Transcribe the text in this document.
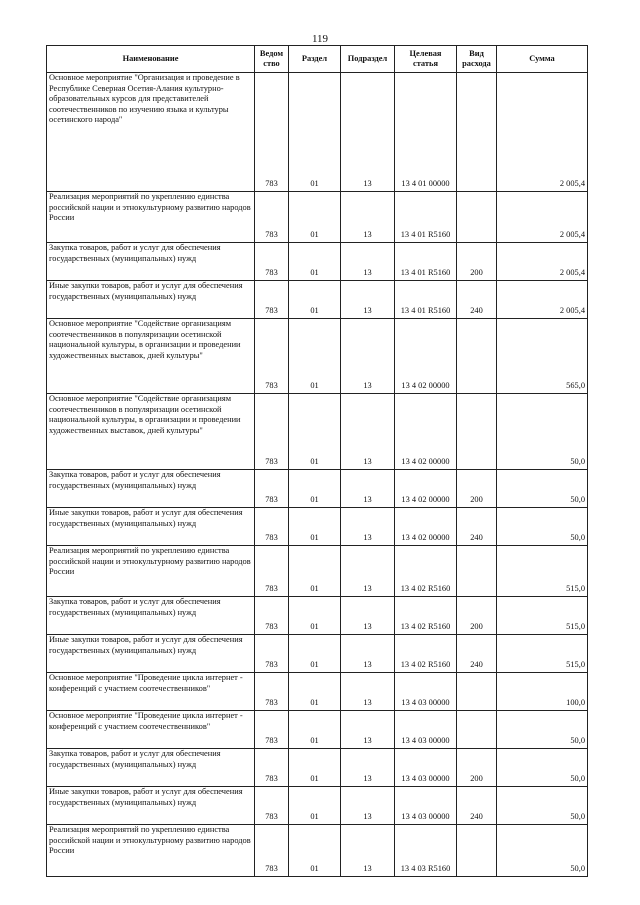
119
Наименование	Ведом ство	Раздел	Подраздел	Целевая статья	Вид расхода	Сумма
Основное мероприятие "Организация и проведение в Республике Северная Осетия-Алания культурно-образовательных курсов для представителей соотечественников по изучению языка и культуры осетинского народа"	783	01	13	13 4 01 00000		2 005,4
Реализация мероприятий по укреплению единства российской нации и этнокультурному развитию народов России	783	01	13	13 4 01 R5160		2 005,4
Закупка товаров, работ и услуг для обеспечения государственных (муниципальных) нужд	783	01	13	13 4 01 R5160	200	2 005,4
Иные закупки товаров, работ и услуг для обеспечения государственных (муниципальных) нужд	783	01	13	13 4 01 R5160	240	2 005,4
Основное мероприятие "Содействие организациям соотечественников в популяризации осетинской национальной культуры, в организации и проведении художественных выставок, дней культуры"	783	01	13	13 4 02 00000		565,0
Основное мероприятие "Содействие организациям соотечественников в популяризации осетинской национальной культуры, в организации и проведении художественных выставок, дней культуры"	783	01	13	13 4 02 00000		50,0
Закупка товаров, работ и услуг для обеспечения государственных (муниципальных) нужд	783	01	13	13 4 02 00000	200	50,0
Иные закупки товаров, работ и услуг для обеспечения государственных (муниципальных) нужд	783	01	13	13 4 02 00000	240	50,0
Реализация мероприятий по укреплению единства российской нации и этнокультурному развитию народов России	783	01	13	13 4 02 R5160		515,0
Закупка товаров, работ и услуг для обеспечения государственных (муниципальных) нужд	783	01	13	13 4 02 R5160	200	515,0
Иные закупки товаров, работ и услуг для обеспечения государственных (муниципальных) нужд	783	01	13	13 4 02 R5160	240	515,0
Основное мероприятие "Проведение цикла интернет - конференций с участием соотечественников"	783	01	13	13 4 03 00000		100,0
Основное мероприятие "Проведение цикла интернет - конференций с участием соотечественников"	783	01	13	13 4 03 00000		50,0
Закупка товаров, работ и услуг для обеспечения государственных (муниципальных) нужд	783	01	13	13 4 03 00000	200	50,0
Иные закупки товаров, работ и услуг для обеспечения государственных (муниципальных) нужд	783	01	13	13 4 03 00000	240	50,0
Реализация мероприятий по укреплению единства российской нации и этнокультурному развитию народов России	783	01	13	13 4 03 R5160		50,0
